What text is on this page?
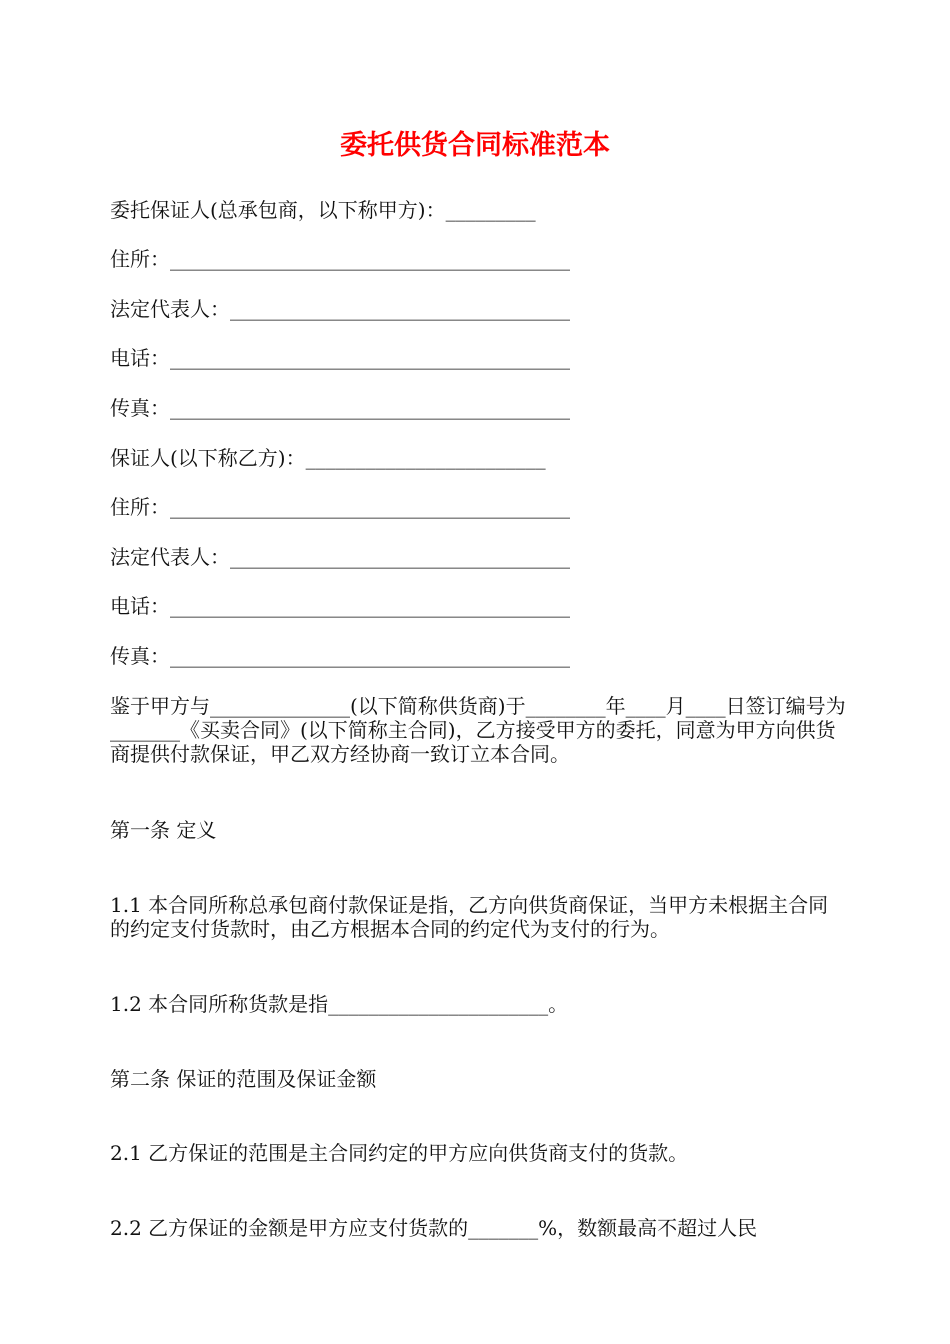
委托供货合同标准范本

委托保证人(总承包商，以下称甲方)：_________

住所：________________________________________

法定代表人：__________________________________

电话：________________________________________

传真：________________________________________

保证人(以下称乙方)：________________________

住所：________________________________________

法定代表人：__________________________________

电话：________________________________________

传真：________________________________________

鉴于甲方与______________(以下简称供货商)于________年____月____日签订编号为_______《买卖合同》(以下简称主合同)，乙方接受甲方的委托，同意为甲方向供货商提供付款保证，甲乙双方经协商一致订立本合同。

第一条 定义

1.1 本合同所称总承包商付款保证是指，乙方向供货商保证，当甲方未根据主合同的约定支付货款时，由乙方根据本合同的约定代为支付的行为。

1.2 本合同所称货款是指______________________。

第二条 保证的范围及保证金额

2.1 乙方保证的范围是主合同约定的甲方应向供货商支付的货款。

2.2 乙方保证的金额是甲方应支付货款的_______%，数额最高不超过人民
